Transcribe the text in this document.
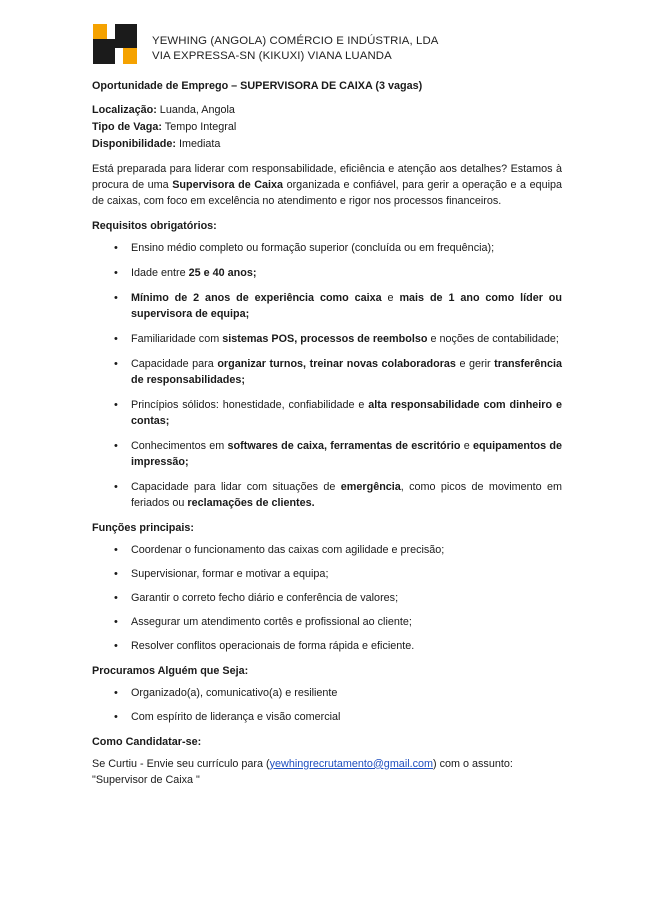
YEWHING (ANGOLA) COMÉRCIO E INDÚSTRIA, LDA
VIA EXPRESSA-SN (KIKUXI) VIANA LUANDA
Oportunidade de Emprego – SUPERVISORA DE CAIXA (3 vagas)
Localização: Luanda, Angola
Tipo de Vaga: Tempo Integral
Disponibilidade: Imediata
Está preparada para liderar com responsabilidade, eficiência e atenção aos detalhes? Estamos à procura de uma Supervisora de Caixa organizada e confiável, para gerir a operação e a equipa de caixas, com foco em excelência no atendimento e rigor nos processos financeiros.
Requisitos obrigatórios:
• Ensino médio completo ou formação superior (concluída ou em frequência);
• Idade entre 25 e 40 anos;
• Mínimo de 2 anos de experiência como caixa e mais de 1 ano como líder ou supervisora de equipa;
• Familiaridade com sistemas POS, processos de reembolso e noções de contabilidade;
• Capacidade para organizar turnos, treinar novas colaboradoras e gerir transferência de responsabilidades;
• Princípios sólidos: honestidade, confiabilidade e alta responsabilidade com dinheiro e contas;
• Conhecimentos em softwares de caixa, ferramentas de escritório e equipamentos de impressão;
• Capacidade para lidar com situações de emergência, como picos de movimento em feriados ou reclamações de clientes.
Funções principais:
• Coordenar o funcionamento das caixas com agilidade e precisão;
• Supervisionar, formar e motivar a equipa;
• Garantir o correto fecho diário e conferência de valores;
• Assegurar um atendimento cortês e profissional ao cliente;
• Resolver conflitos operacionais de forma rápida e eficiente.
Procuramos Alguém que Seja:
• Organizado(a), comunicativo(a) e resiliente
• Com espírito de liderança e visão comercial
Como Candidatar-se:
Se Curtiu - Envie seu currículo para (yewhingrecrutamento@gmail.com) com o assunto:
"Supervisor de Caixa "
